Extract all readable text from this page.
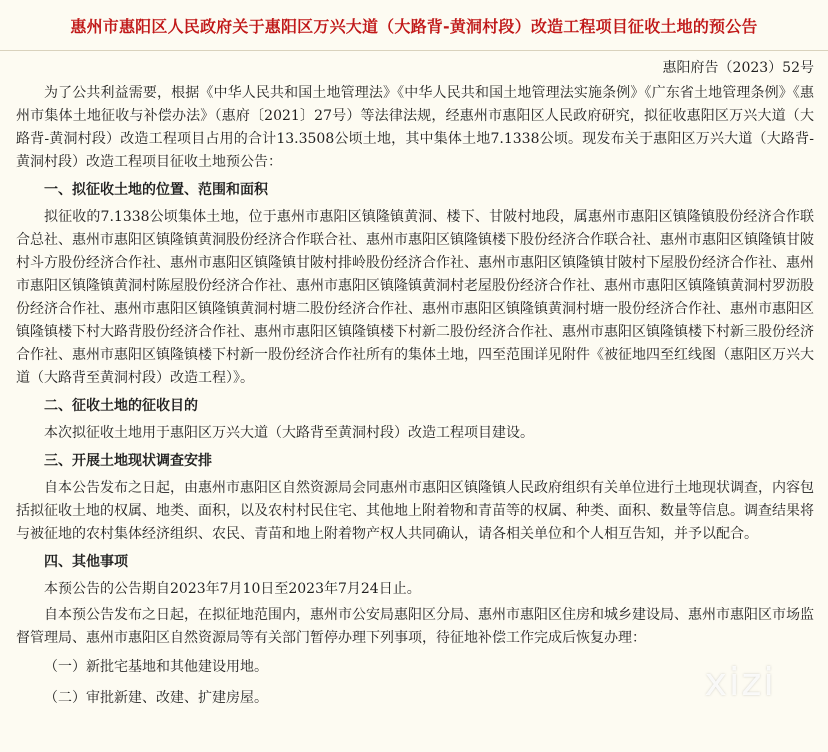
惠州市惠阳区人民政府关于惠阳区万兴大道（大路背-黄洞村段）改造工程项目征收土地的预公告
惠阳府告（2023）52号

为了公共利益需要，根据《中华人民共和国土地管理法》《中华人民共和国土地管理法实施条例》《广东省土地管理条例》《惠州市集体土地征收与补偿办法》（惠府〔2021〕27号）等法律法规，经惠州市惠阳区人民政府研究，拟征收惠阳区万兴大道（大路背-黄洞村段）改造工程项目占用的合计13.3508公顷土地，其中集体土地7.1338公顷。现发布关于惠阳区万兴大道（大路背-黄洞村段）改造工程项目征收土地预公告：

一、拟征收土地的位置、范围和面积

拟征收的7.1338公顷集体土地，位于惠州市惠阳区镇隆镇黄洞、楼下、甘陂村地段，属惠州市惠阳区镇隆镇股份经济合作联合总社、惠州市惠阳区镇隆镇黄洞股份经济合作联合社、惠州市惠阳区镇隆镇楼下股份经济合作联合社、惠州市惠阳区镇隆镇甘陂村斗方股份经济合作社、惠州市惠阳区镇隆镇甘陂村排岭股份经济合作社、惠州市惠阳区镇隆镇甘陂村下屋股份经济合作社、惠州市惠阳区镇隆镇黄洞村陈屋股份经济合作社、惠州市惠阳区镇隆镇黄洞村老屋股份经济合作社、惠州市惠阳区镇隆镇黄洞村罗沥股份经济合作社、惠州市惠阳区镇隆镇黄洞村塘二股份经济合作社、惠州市惠阳区镇隆镇黄洞村塘一股份经济合作社、惠州市惠阳区镇隆镇楼下村大路背股份经济合作社、惠州市惠阳区镇隆镇楼下村新二股份经济合作社、惠州市惠阳区镇隆镇楼下村新三股份经济合作社、惠州市惠阳区镇隆镇楼下村新一股份经济合作社所有的集体土地，四至范围详见附件《被征地四至红线图（惠阳区万兴大道（大路背至黄洞村段）改造工程）》。

二、征收土地的征收目的

本次拟征收土地用于惠阳区万兴大道（大路背至黄洞村段）改造工程项目建设。

三、开展土地现状调查安排

自本公告发布之日起，由惠州市惠阳区自然资源局会同惠州市惠阳区镇隆镇人民政府组织有关单位进行土地现状调查，内容包括拟征收土地的权属、地类、面积，以及农村村民住宅、其他地上附着物和青苗等的权属、种类、面积、数量等信息。调查结果将与被征地的农村集体经济组织、农民、青苗和地上附着物产权人共同确认，请各相关单位和个人相互告知，并予以配合。

四、其他事项

本预公告的公告期自2023年7月10日至2023年7月24日止。

自本预公告发布之日起，在拟征地范围内，惠州市公安局惠阳区分局、惠州市惠阳区住房和城乡建设局、惠州市惠阳区市场监督管理局、惠州市惠阳区自然资源局等有关部门暂停办理下列事项，待征地补偿工作完成后恢复办理：

（一）新批宅基地和其他建设用地。

（二）审批新建、改建、扩建房屋。	xizi
